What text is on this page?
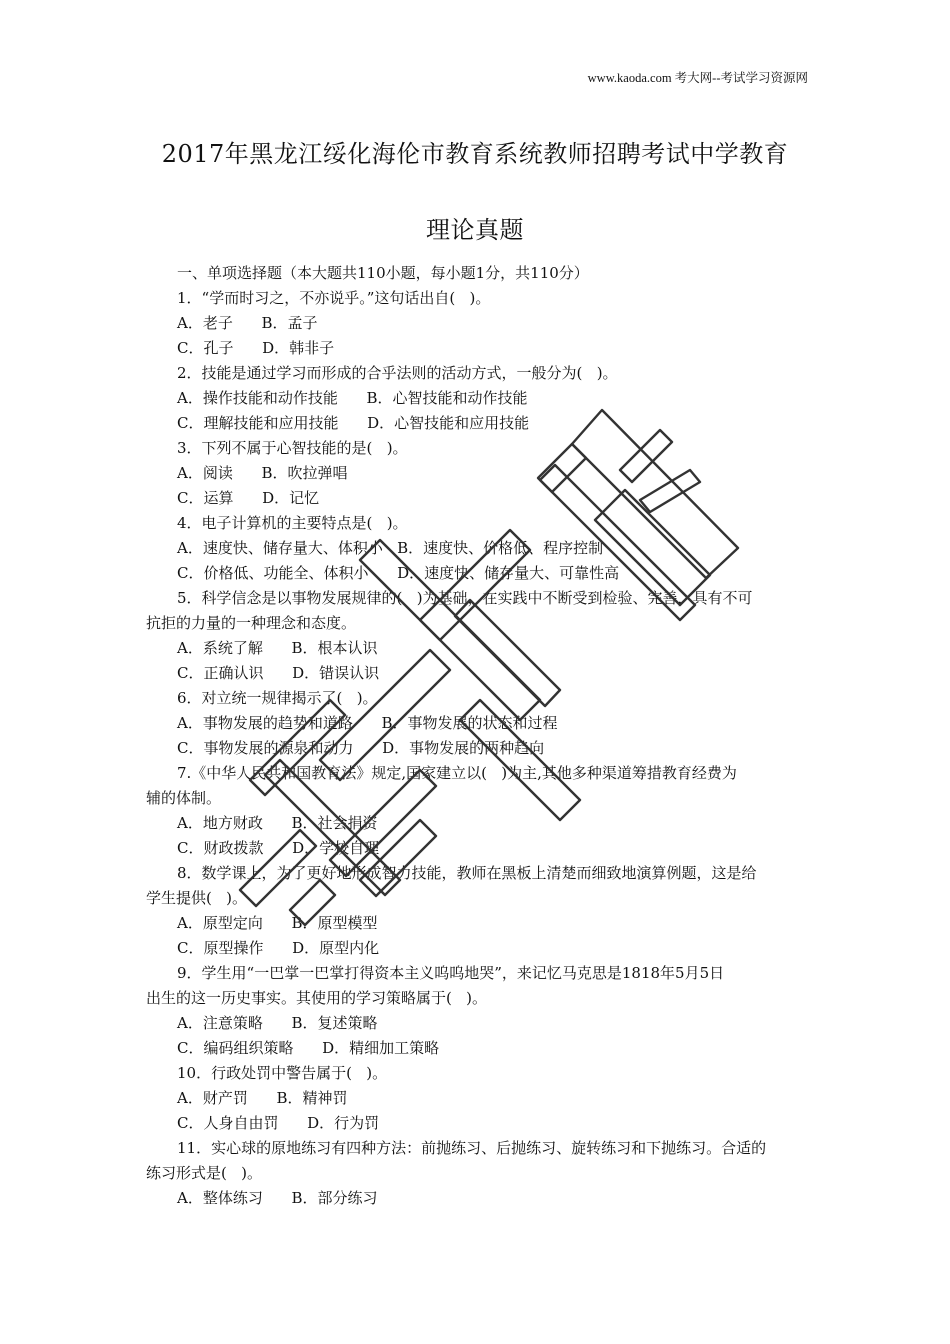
www.kaoda.com 考大网--考试学习资源网
2017年黑龙江绥化海伦市教育系统教师招聘考试中学教育
理论真题
一、单项选择题（本大题共110小题，每小题1分，共110分）
1．“学而时习之，不亦说乎。”这句话出自(   )。
A．老子      B．孟子
C．孔子      D．韩非子
2．技能是通过学习而形成的合乎法则的活动方式，一般分为(   )。
A．操作技能和动作技能      B．心智技能和动作技能
C．理解技能和应用技能      D．心智技能和应用技能
3．下列不属于心智技能的是(   )。
A．阅读      B．吹拉弹唱
C．运算      D．记忆
4．电子计算机的主要特点是(   )。
A．速度快、储存量大、体积小   B．速度快、价格低、程序控制
C．价格低、功能全、体积小      D．速度快、储存量大、可靠性高
5．科学信念是以事物发展规律的(   )为基础，在实践中不断受到检验、完善，具有不可
抗拒的力量的一种理念和态度。
A．系统了解      B．根本认识
C．正确认识      D．错误认识
6．对立统一规律揭示了(   )。
A．事物发展的趋势和道路      B．事物发展的状态和过程
C．事物发展的源泉和动力      D．事物发展的两种趋向
7.《中华人民共和国教育法》规定,国家建立以(   )为主,其他多种渠道筹措教育经费为
辅的体制。
A．地方财政      B．社会捐资
C．财政拨款      D．学校自理
8．数学课上，为了更好地形成智力技能，教师在黑板上清楚而细致地演算例题，这是给
学生提供(   )。
A．原型定向      B．原型模型
C．原型操作      D．原型内化
9．学生用“一巴掌一巴掌打得资本主义呜呜地哭”，来记忆马克思是1818年5月5日
出生的这一历史事实。其使用的学习策略属于(   )。
A．注意策略      B．复述策略
C．编码组织策略      D．精细加工策略
10．行政处罚中警告属于(   )。
A．财产罚      B．精神罚
C．人身自由罚      D．行为罚
11．实心球的原地练习有四种方法：前抛练习、后抛练习、旋转练习和下抛练习。合适的
练习形式是(   )。
A．整体练习      B．部分练习
